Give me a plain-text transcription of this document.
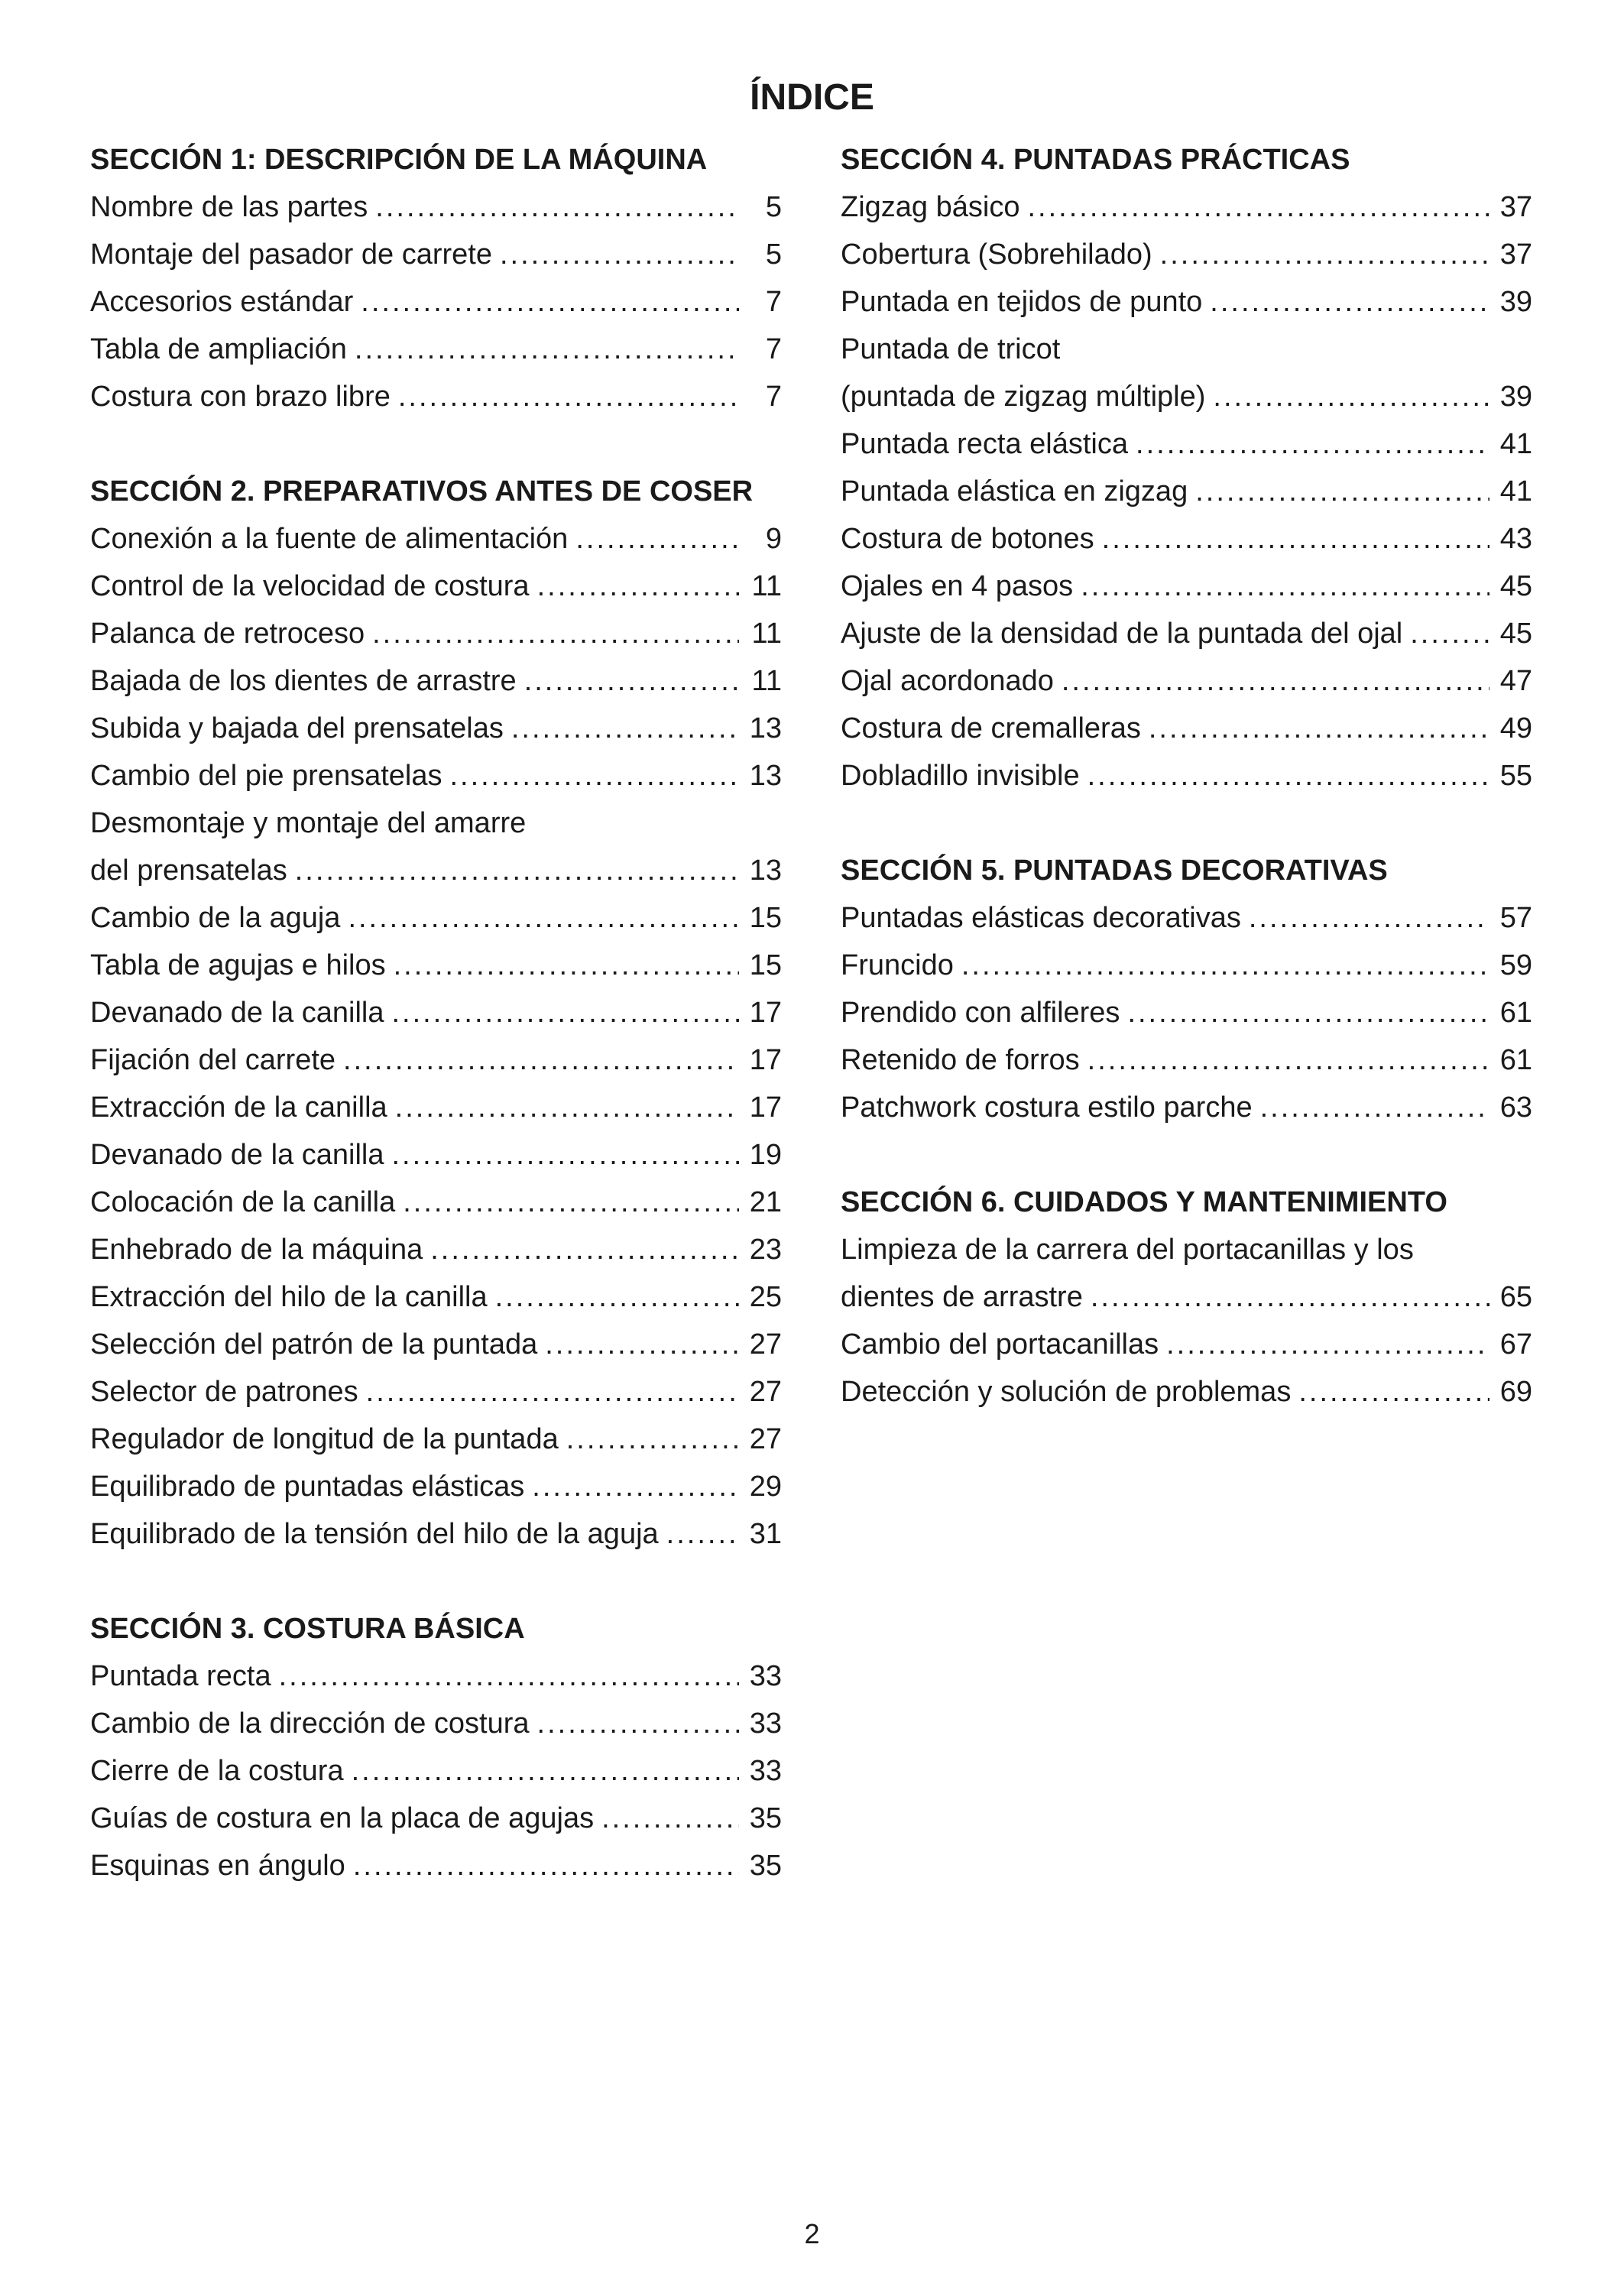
ÍNDICE
SECCIÓN 1: DESCRIPCIÓN DE LA MÁQUINA
Nombre de las partes .....	5
Montaje del pasador de carrete .....	5
Accesorios estándar .....	7
Tabla de ampliación .....	7
Costura con brazo libre .....	7
SECCIÓN 2. PREPARATIVOS ANTES DE COSER
Conexión a la fuente de alimentación .....	9
Control de la velocidad de costura .....	11
Palanca de retroceso .....	11
Bajada de los dientes de arrastre .....	11
Subida y bajada del prensatelas .....	13
Cambio del pie prensatelas .....	13
Desmontaje y montaje del amarre
del prensatelas .....	13
Cambio de la aguja .....	15
Tabla de agujas e hilos .....	15
Devanado de la canilla .....	17
Fijación del carrete .....	17
Extracción de la canilla .....	17
Devanado de la canilla .....	19
Colocación de la canilla .....	21
Enhebrado de la máquina .....	23
Extracción del hilo de la canilla .....	25
Selección del patrón de la puntada .....	27
Selector de patrones .....	27
Regulador de longitud de la puntada .....	27
Equilibrado de puntadas elásticas .....	29
Equilibrado de la tensión del hilo de la aguja .....	31
SECCIÓN 3. COSTURA BÁSICA
Puntada recta .....	33
Cambio de la dirección de costura .....	33
Cierre de la costura .....	33
Guías de costura en la placa de agujas .....	35
Esquinas en ángulo .....	35
SECCIÓN 4. PUNTADAS PRÁCTICAS
Zigzag básico .....	37
Cobertura (Sobrehilado) .....	37
Puntada en tejidos de punto .....	39
Puntada de tricot
(puntada de zigzag múltiple) .....	39
Puntada recta elástica .....	41
Puntada elástica en zigzag .....	41
Costura de botones .....	43
Ojales en 4 pasos .....	45
Ajuste de la densidad de la puntada del ojal .....	45
Ojal acordonado .....	47
Costura de cremalleras .....	49
Dobladillo invisible .....	55
SECCIÓN 5. PUNTADAS DECORATIVAS
Puntadas elásticas decorativas .....	57
Fruncido .....	59
Prendido con alfileres .....	61
Retenido de forros .....	61
Patchwork costura estilo parche .....	63
SECCIÓN 6. CUIDADOS Y MANTENIMIENTO
Limpieza de la carrera del portacanillas y los
dientes de arrastre .....	65
Cambio del portacanillas .....	67
Detección y solución de problemas .....	69
2
